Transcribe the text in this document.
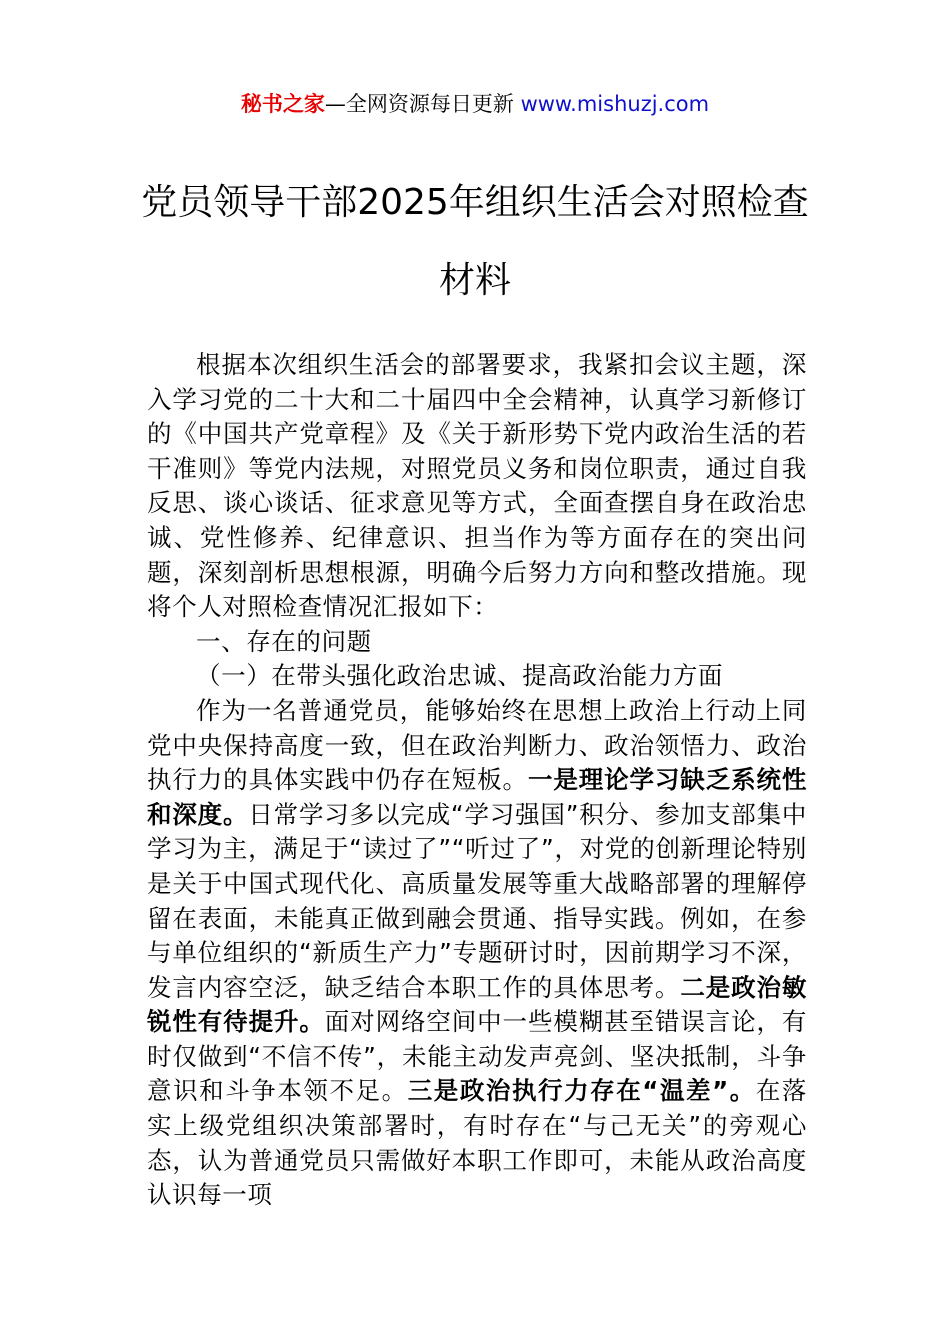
秘书之家—全网资源每日更新 www.mishuzj.com
党员领导干部2025年组织生活会对照检查
材料

根据本次组织生活会的部署要求，我紧扣会议主题，深入学习党的二十大和二十届四中全会精神，认真学习新修订的《中国共产党章程》及《关于新形势下党内政治生活的若干准则》等党内法规，对照党员义务和岗位职责，通过自我反思、谈心谈话、征求意见等方式，全面查摆自身在政治忠诚、党性修养、纪律意识、担当作为等方面存在的突出问题，深刻剖析思想根源，明确今后努力方向和整改措施。现将个人对照检查情况汇报如下：

一、存在的问题

（一）在带头强化政治忠诚、提高政治能力方面

作为一名普通党员，能够始终在思想上政治上行动上同党中央保持高度一致，但在政治判断力、政治领悟力、政治执行力的具体实践中仍存在短板。一是理论学习缺乏系统性和深度。日常学习多以完成“学习强国”积分、参加支部集中学习为主，满足于“读过了”“听过了”，对党的创新理论特别是关于中国式现代化、高质量发展等重大战略部署的理解停留在表面，未能真正做到融会贯通、指导实践。例如，在参与单位组织的“新质生产力”专题研讨时，因前期学习不深，发言内容空泛，缺乏结合本职工作的具体思考。二是政治敏锐性有待提升。面对网络空间中一些模糊甚至错误言论，有时仅做到“不信不传”，未能主动发声亮剑、坚决抵制，斗争意识和斗争本领不足。三是政治执行力存在“温差”。在落实上级党组织决策部署时，有时存在“与己无关”的旁观心态，认为普通党员只需做好本职工作即可，未能从政治高度认识每一项
